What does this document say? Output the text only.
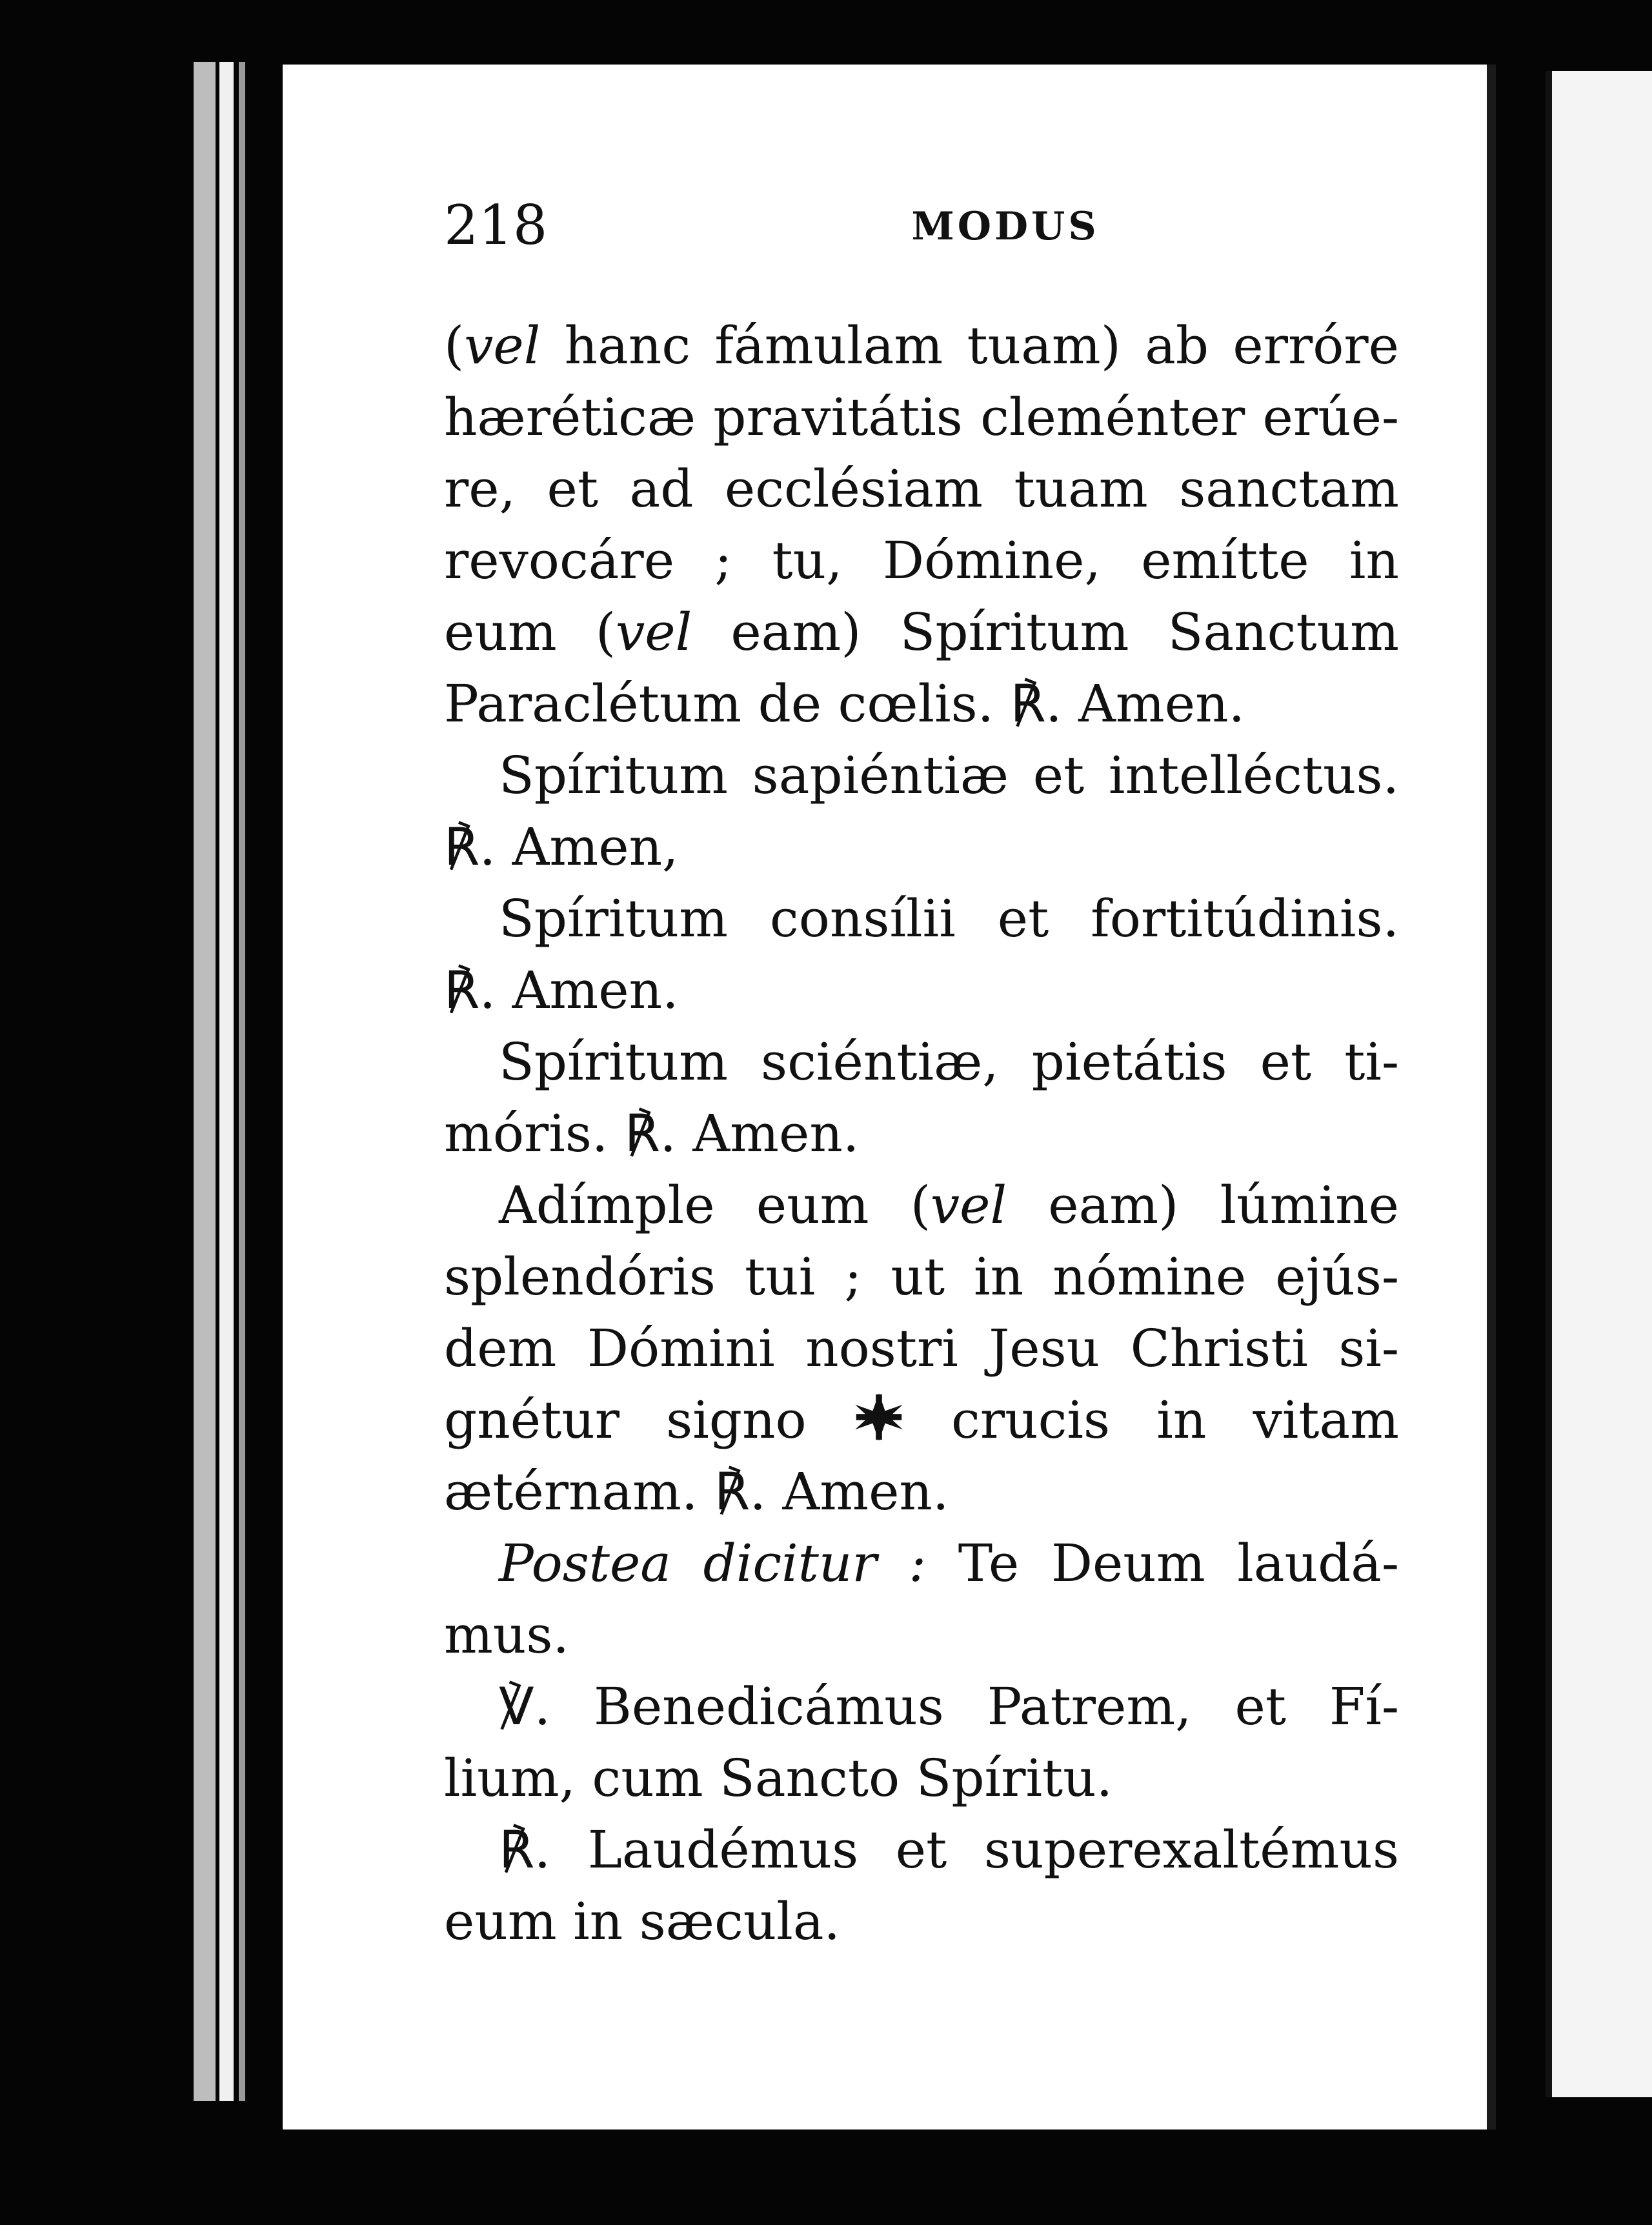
218	MODUS
(vel hanc fámulam tuam) ab erróre
hæréticæ pravitátis cleménter erúe-
re, et ad ecclésiam tuam sanctam
revocáre ; tu, Dómine, emítte in
eum (vel eam) Spíritum Sanctum
Paraclétum de cœlis. ℟. Amen.
Spíritum sapiéntiæ et intelléctus.
℟. Amen,
Spíritum consílii et fortitúdinis.
℟. Amen.
Spíritum sciéntiæ, pietátis et ti-
móris. ℟. Amen.
Adímple eum (vel eam) lúmine
splendóris tui ; ut in nómine ejús-
dem Dómini nostri Jesu Christi si-
gnétur signo
crucis in vitam
ætérnam. ℟. Amen.
Postea dicitur : Te Deum laudá-
mus.
℣. Benedicámus Patrem, et Fí-
lium, cum Sancto Spíritu.
℟. Laudémus et superexaltémus
eum in sæcula.
